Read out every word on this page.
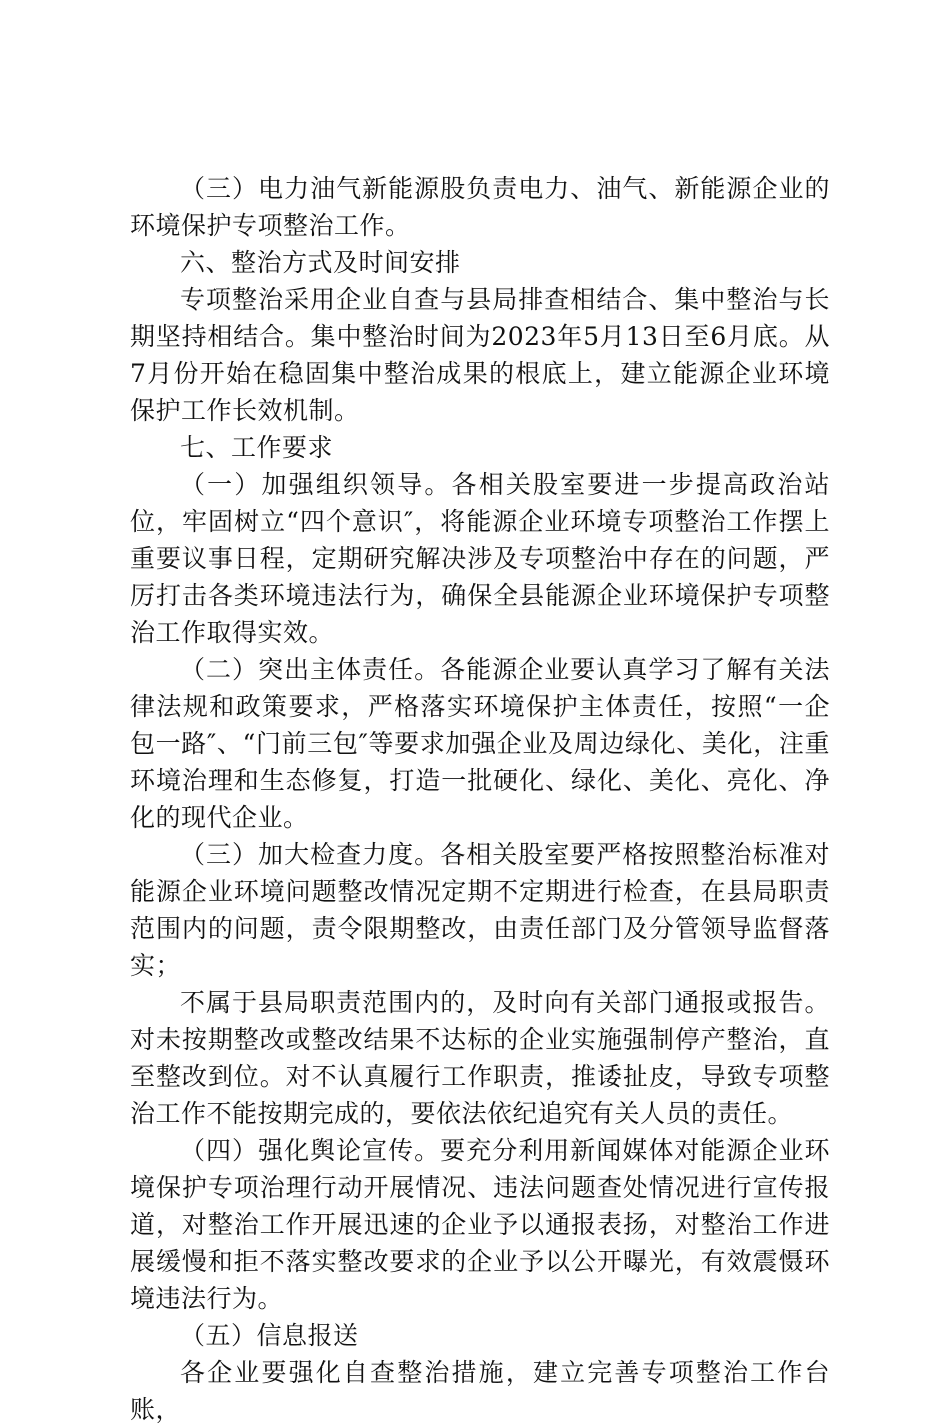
（三）电力油气新能源股负责电力、油气、新能源企业的环境保护专项整治工作。

六、整治方式及时间安排

专项整治采用企业自查与县局排查相结合、集中整治与长期坚持相结合。集中整治时间为2023年5月13日至6月底。从7月份开始在稳固集中整治成果的根底上，建立能源企业环境保护工作长效机制。

七、工作要求

（一）加强组织领导。各相关股室要进一步提高政治站位，牢固树立“四个意识″，将能源企业环境专项整治工作摆上重要议事日程，定期研究解决涉及专项整治中存在的问题，严厉打击各类环境违法行为，确保全县能源企业环境保护专项整治工作取得实效。

（二）突出主体责任。各能源企业要认真学习了解有关法律法规和政策要求，严格落实环境保护主体责任，按照“一企包一路″、“门前三包″等要求加强企业及周边绿化、美化，注重环境治理和生态修复，打造一批硬化、绿化、美化、亮化、净化的现代企业。

（三）加大检查力度。各相关股室要严格按照整治标准对能源企业环境问题整改情况定期不定期进行检查，在县局职责范围内的问题，责令限期整改，由责任部门及分管领导监督落实；

不属于县局职责范围内的，及时向有关部门通报或报告。对未按期整改或整改结果不达标的企业实施强制停产整治，直至整改到位。对不认真履行工作职责，推诿扯皮，导致专项整治工作不能按期完成的，要依法依纪追究有关人员的责任。

（四）强化舆论宣传。要充分利用新闻媒体对能源企业环境保护专项治理行动开展情况、违法问题查处情况进行宣传报道，对整治工作开展迅速的企业予以通报表扬，对整治工作进展缓慢和拒不落实整改要求的企业予以公开曝光，有效震慑环境违法行为。

（五）信息报送

各企业要强化自查整治措施，建立完善专项整治工作台账，
